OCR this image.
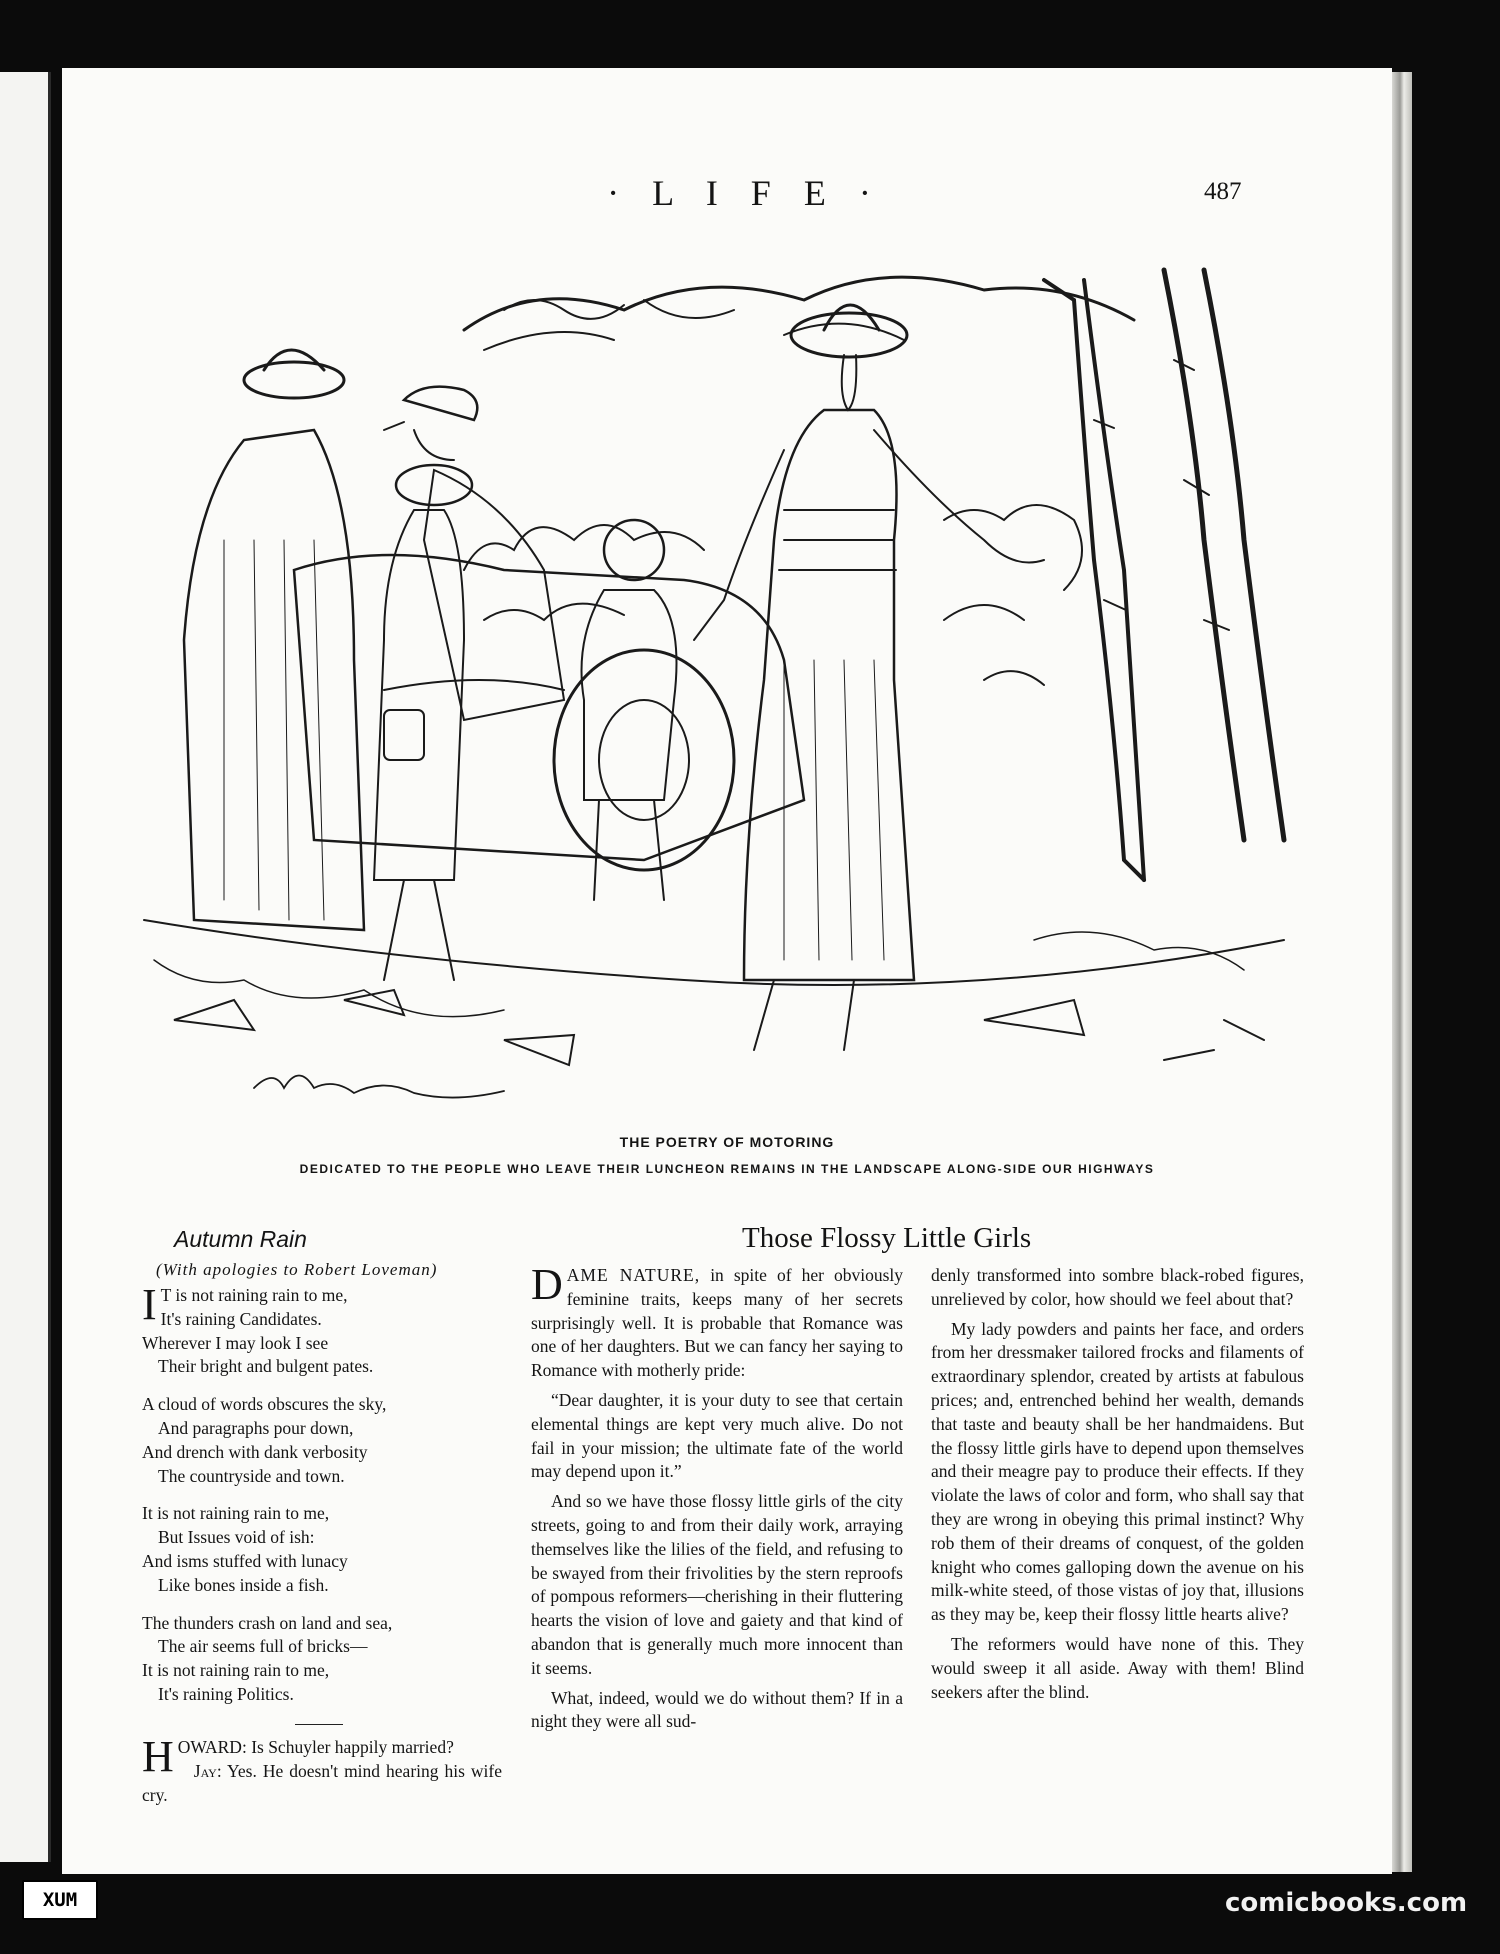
· L I F E ·	487
THE POETRY OF MOTORING
DEDICATED TO THE PEOPLE WHO LEAVE THEIR LUNCHEON REMAINS IN THE LANDSCAPE ALONG-SIDE OUR HIGHWAYS
Autumn Rain
(With apologies to Robert Loveman)
I T is not raining rain to me,
It's raining Candidates.
Wherever I may look I see
Their bright and bulgent pates.
A cloud of words obscures the sky,
And paragraphs pour down,
And drench with dank verbosity
The countryside and town.
It is not raining rain to me,
But Issues void of ish:
And isms stuffed with lunacy
Like bones inside a fish.
The thunders crash on land and sea,
The air seems full of bricks—
It is not raining rain to me,
It's raining Politics.

HOWARD: Is Schuyler happily married?

Jay: Yes. He doesn't mind hearing his wife cry.

Those Flossy Little Girls

DAME NATURE, in spite of her obviously feminine traits, keeps many of her secrets surprisingly well. It is probable that Romance was one of her daughters. But we can fancy her saying to Romance with motherly pride:

“Dear daughter, it is your duty to see that certain elemental things are kept very much alive. Do not fail in your mission; the ultimate fate of the world may depend upon it.”

And so we have those flossy little girls of the city streets, going to and from their daily work, arraying themselves like the lilies of the field, and refusing to be swayed from their frivolities by the stern reproofs of pompous reformers—cherishing in their fluttering hearts the vision of love and gaiety and that kind of abandon that is generally much more innocent than it seems.

What, indeed, would we do without them? If in a night they were all sud-

denly transformed into sombre black-robed figures, unrelieved by color, how should we feel about that?

My lady powders and paints her face, and orders from her dressmaker tailored frocks and filaments of extraordinary splendor, created by artists at fabulous prices; and, entrenched behind her wealth, demands that taste and beauty shall be her handmaidens. But the flossy little girls have to depend upon themselves and their meagre pay to produce their effects. If they violate the laws of color and form, who shall say that they are wrong in obeying this primal instinct? Why rob them of their dreams of conquest, of the golden knight who comes galloping down the avenue on his milk-white steed, of those vistas of joy that, illusions as they may be, keep their flossy little hearts alive?

The reformers would have none of this. They would sweep it all aside. Away with them! Blind seekers after the blind.

XUM	comicbooks.com
